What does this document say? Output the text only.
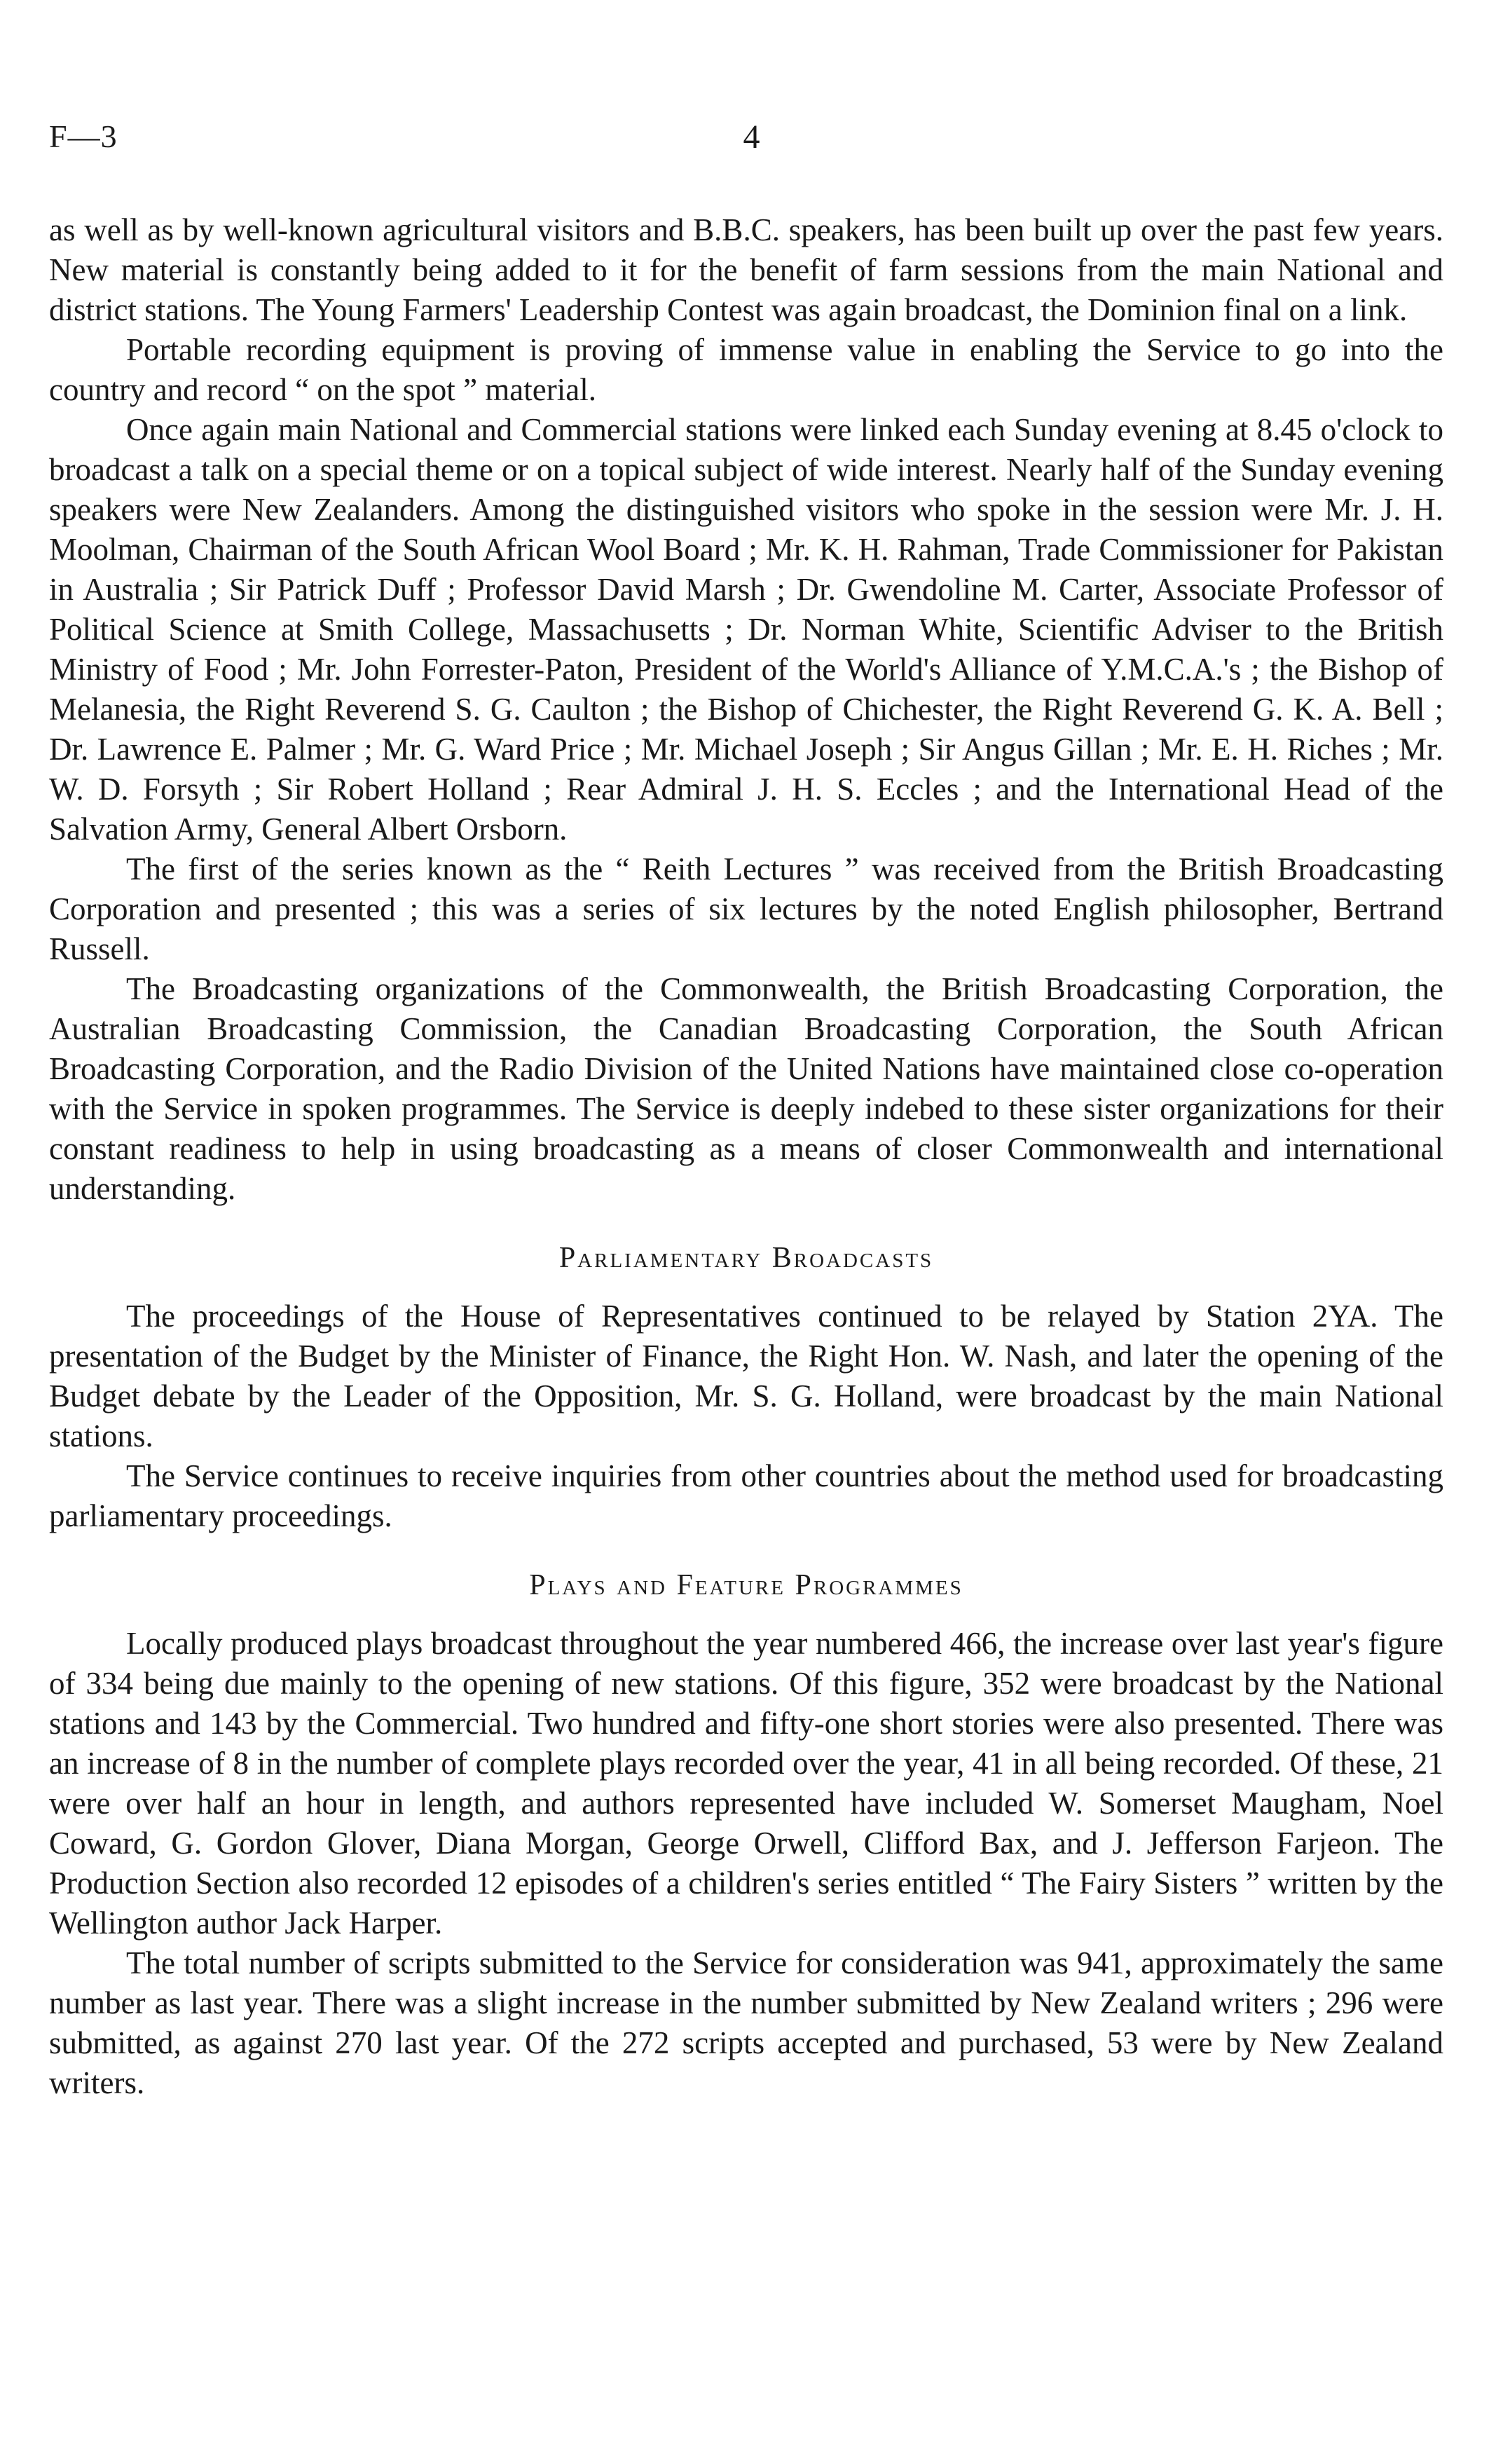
F—3	4

as well as by well-known agricultural visitors and B.B.C. speakers, has been built up over the past few years. New material is constantly being added to it for the benefit of farm sessions from the main National and district stations. The Young Farmers' Leadership Contest was again broadcast, the Dominion final on a link.

Portable recording equipment is proving of immense value in enabling the Service to go into the country and record “ on the spot ” material.

Once again main National and Commercial stations were linked each Sunday evening at 8.45 o'clock to broadcast a talk on a special theme or on a topical subject of wide interest. Nearly half of the Sunday evening speakers were New Zealanders. Among the distinguished visitors who spoke in the session were Mr. J. H. Moolman, Chairman of the South African Wool Board ; Mr. K. H. Rahman, Trade Commissioner for Pakistan in Australia ; Sir Patrick Duff ; Professor David Marsh ; Dr. Gwendoline M. Carter, Associate Professor of Political Science at Smith College, Massachusetts ; Dr. Norman White, Scientific Adviser to the British Ministry of Food ; Mr. John Forrester-Paton, President of the World's Alliance of Y.M.C.A.'s ; the Bishop of Melanesia, the Right Reverend S. G. Caulton ; the Bishop of Chichester, the Right Reverend G. K. A. Bell ; Dr. Lawrence E. Palmer ; Mr. G. Ward Price ; Mr. Michael Joseph ; Sir Angus Gillan ; Mr. E. H. Riches ; Mr. W. D. Forsyth ; Sir Robert Holland ; Rear Admiral J. H. S. Eccles ; and the International Head of the Salvation Army, General Albert Orsborn.

The first of the series known as the “ Reith Lectures ” was received from the British Broadcasting Corporation and presented ; this was a series of six lectures by the noted English philosopher, Bertrand Russell.

The Broadcasting organizations of the Commonwealth, the British Broadcasting Corporation, the Australian Broadcasting Commission, the Canadian Broadcasting Corporation, the South African Broadcasting Corporation, and the Radio Division of the United Nations have maintained close co-operation with the Service in spoken programmes. The Service is deeply indebed to these sister organizations for their constant readiness to help in using broadcasting as a means of closer Commonwealth and international understanding.

Parliamentary Broadcasts

The proceedings of the House of Representatives continued to be relayed by Station 2YA. The presentation of the Budget by the Minister of Finance, the Right Hon. W. Nash, and later the opening of the Budget debate by the Leader of the Opposition, Mr. S. G. Holland, were broadcast by the main National stations.

The Service continues to receive inquiries from other countries about the method used for broadcasting parliamentary proceedings.

Plays and Feature Programmes

Locally produced plays broadcast throughout the year numbered 466, the increase over last year's figure of 334 being due mainly to the opening of new stations. Of this figure, 352 were broadcast by the National stations and 143 by the Commercial. Two hundred and fifty-one short stories were also presented. There was an increase of 8 in the number of complete plays recorded over the year, 41 in all being recorded. Of these, 21 were over half an hour in length, and authors represented have included W. Somerset Maugham, Noel Coward, G. Gordon Glover, Diana Morgan, George Orwell, Clifford Bax, and J. Jefferson Farjeon. The Production Section also recorded 12 episodes of a children's series entitled “ The Fairy Sisters ” written by the Wellington author Jack Harper.

The total number of scripts submitted to the Service for consideration was 941, approximately the same number as last year. There was a slight increase in the number submitted by New Zealand writers ; 296 were submitted, as against 270 last year. Of the 272 scripts accepted and purchased, 53 were by New Zealand writers.
